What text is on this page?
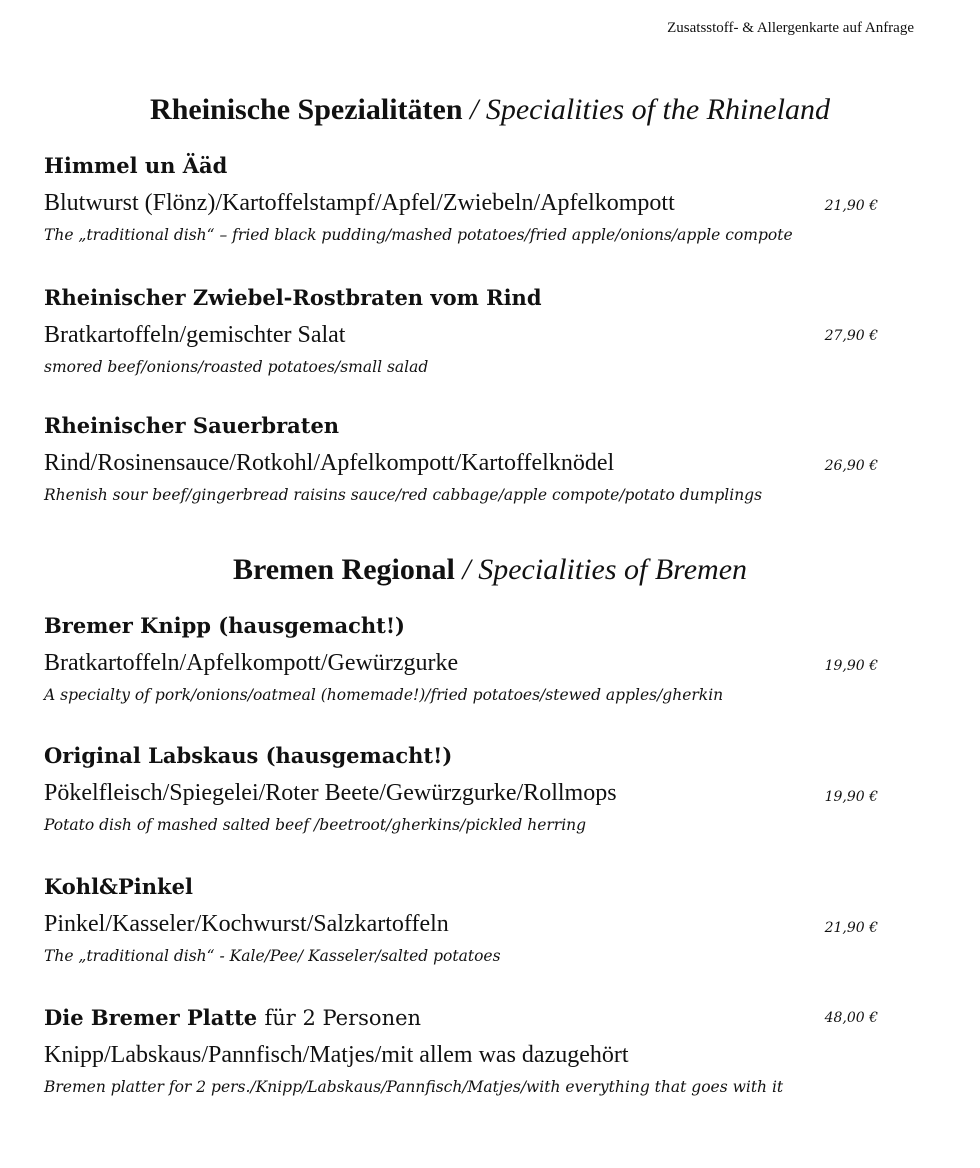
Zusatsstoff- & Allergenkarte auf Anfrage
Rheinische Spezialitäten / Specialities of the Rhineland
Himmel un Ääd
Blutwurst (Flönz)/Kartoffelstampf/Apfel/Zwiebeln/Apfelkompott
The „traditional dish“ – fried black pudding/mashed potatoes/fried apple/onions/apple compote
21,90 €
Rheinischer Zwiebel-Rostbraten vom Rind
Bratkartoffeln/gemischter Salat
smored beef/onions/roasted potatoes/small salad
27,90 €
Rheinischer Sauerbraten
Rind/Rosinensauce/Rotkohl/Apfelkompott/Kartoffelknödel
Rhenish sour beef/gingerbread raisins sauce/red cabbage/apple compote/potato dumplings
26,90 €
Bremen Regional / Specialities of Bremen
Bremer Knipp (hausgemacht!)
Bratkartoffeln/Apfelkompott/Gewürzgurke
A specialty of pork/onions/oatmeal (homemade!)/fried potatoes/stewed apples/gherkin
19,90 €
Original Labskaus (hausgemacht!)
Pökelfleisch/Spiegelei/Roter Beete/Gewürzgurke/Rollmops
Potato dish of mashed salted beef /beetroot/gherkins/pickled herring
19,90 €
Kohl&Pinkel
Pinkel/Kasseler/Kochwurst/Salzkartoffeln
The „traditional dish“ - Kale/Pee/ Kasseler/salted potatoes
21,90 €
Die Bremer Platte für 2 Personen
Knipp/Labskaus/Pannfisch/Matjes/mit allem was dazugehört
Bremen platter for 2 pers./Knipp/Labskaus/Pannfisch/Matjes/with everything that goes with it
48,00 €
